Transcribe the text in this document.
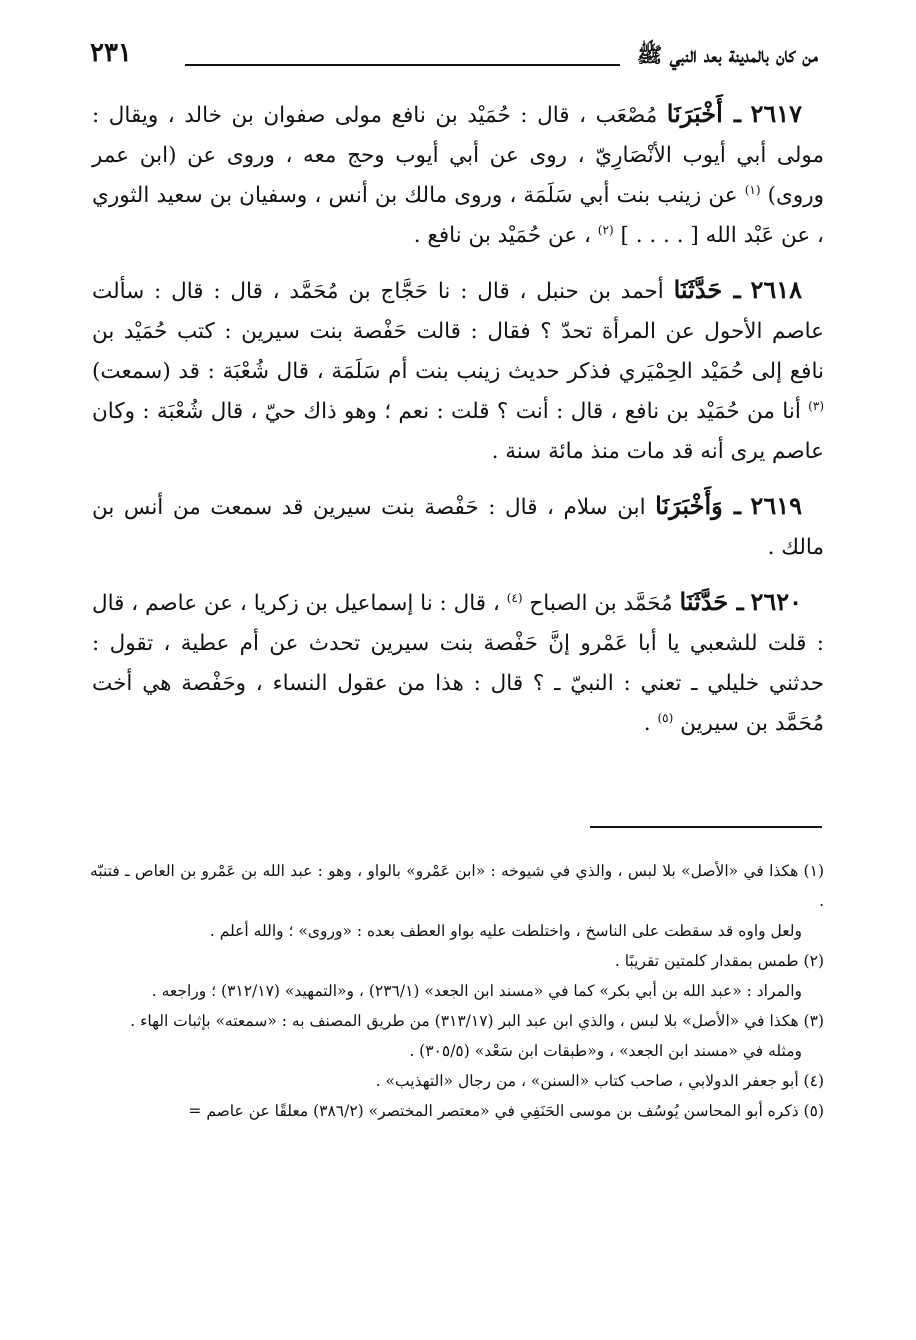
من كان بالمدينة بعد النبي ﷺ
٢٣١

٢٦١٧ ـ أَخْبَرَنَا مُصْعَب ، قال : حُمَيْد بن نافع مولى صفوان بن خالد ، ويقال : مولى أبي أيوب الأنْصَارِيّ ، روى عن أبي أيوب وحج معه ، وروى عن (ابن عمر وروى) $^{(١)}$ عن زينب بنت أبي سَلَمَة ، وروى مالك بن أنس ، وسفيان بن سعيد الثوري ، عن عَبْد الله [ . . . . ] $^{(٢)}$ ، عن حُمَيْد بن نافع .

٢٦١٨ ـ حَدَّثَنَا أحمد بن حنبل ، قال : نا حَجَّاج بن مُحَمَّد ، قال : قال : سألت عاصم الأحول عن المرأة تحدّ ؟ فقال : قالت حَفْصة بنت سيرين : كتب حُمَيْد بن نافع إلى حُمَيْد الحِمْيَري فذكر حديث زينب بنت أم سَلَمَة ، قال شُعْبَة : قد (سمعت) $^{(٣)}$ أنا من حُمَيْد بن نافع ، قال : أنت ؟ قلت : نعم ؛ وهو ذاك حيّ ، قال شُعْبَة : وكان عاصم يرى أنه قد مات منذ مائة سنة .

٢٦١٩ ـ وَأَخْبَرَنَا ابن سلام ، قال : حَفْصة بنت سيرين قد سمعت من أنس بن مالك .

٢٦٢٠ ـ حَدَّثَنَا مُحَمَّد بن الصباح $^{(٤)}$ ، قال : نا إسماعيل بن زكريا ، عن عاصم ، قال : قلت للشعبي يا أبا عَمْرو إنَّ حَفْصة بنت سيرين تحدث عن أم عطية ، تقول : حدثني خليلي ـ تعني : النبيّ ـ ؟ قال : هذا من عقول النساء ، وحَفْصة هي أخت مُحَمَّد بن سيرين $^{(٥)}$ .

(١) هكذا في «الأصل» بلا لبس ، والذي في شيوخه : «ابن عَمْرو» بالواو ، وهو : عبد الله بن عَمْرو بن العاص ـ فتنبّه .

ولعل واوه قد سقطت على الناسخ ، واختلطت عليه بواو العطف بعده : «وروى» ؛ والله أعلم .

(٢) طمس بمقدار كلمتين تقريبًا .

والمراد : «عبد الله بن أبي بكر» كما في «مسند ابن الجعد» (٢٣٦/١) ، و«التمهيد» (٣١٢/١٧) ؛ وراجعه .

(٣) هكذا في «الأصل» بلا لبس ، والذي ابن عبد البر (٣١٣/١٧) من طريق المصنف به : «سمعته» بإثبات الهاء .

ومثله في «مسند ابن الجعد» ، و«طبقات ابن سَعْد» (٣٠٥/٥) .

(٤) أبو جعفر الدولابي ، صاحب كتاب «السنن» ، من رجال «التهذيب» .

(٥) ذكره أبو المحاسن يُوسُف بن موسى الحَنَفِي في «معتصر المختصر» (٣٨٦/٢) معلقًا عن عاصم =
